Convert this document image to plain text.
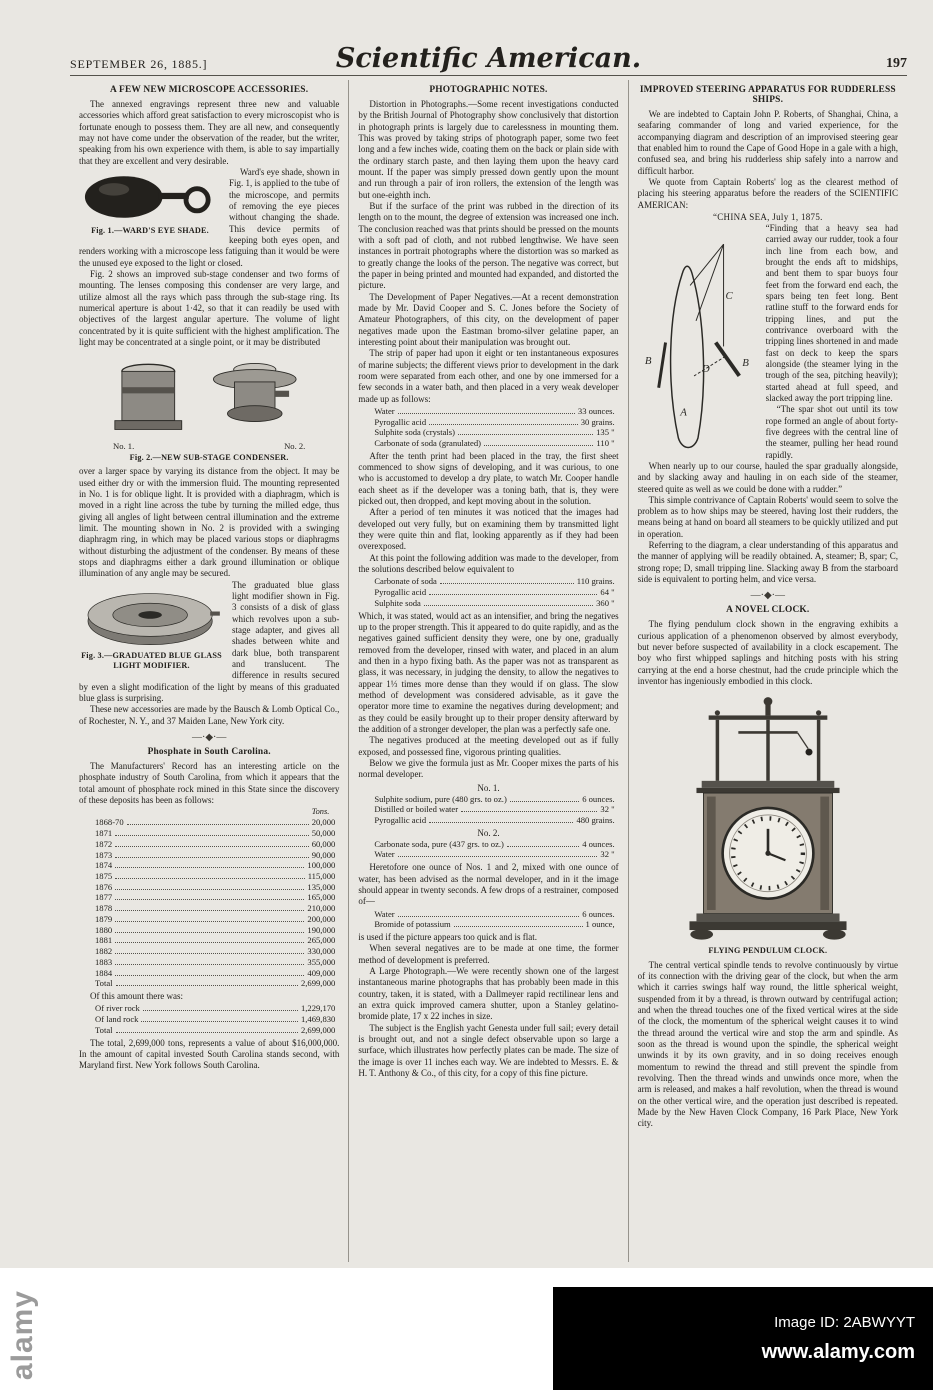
SEPTEMBER 26, 1885.]	Scientific American.	197
A FEW NEW MICROSCOPE ACCESSORIES.

The annexed engravings represent three new and valuable accessories which afford great satisfaction to every microscopist who is fortunate enough to possess them. They are all new, and consequently may not have come under the observation of the reader, but the writer, speaking from his own experience with them, is able to say impartially that they are excellent and very desirable.

Fig. 1.—WARD'S EYE SHADE.

Ward's eye shade, shown in Fig. 1, is applied to the tube of the microscope, and permits of removing the eye pieces without changing the shade. This device permits of keeping both eyes open, and renders working with a microscope less fatiguing than it would be were the unused eye exposed to the light or closed.

Fig. 2 shows an improved sub-stage condenser and two forms of mounting. The lenses composing this condenser are very large, and utilize almost all the rays which pass through the sub-stage ring. Its numerical aperture is about 1·42, so that it can readily be used with objectives of the largest angular aperture. The volume of light concentrated by it is quite sufficient with the highest amplification. The light may be concentrated at a single point, or it may be distributed

No. 1.	No. 2.
Fig. 2.—NEW SUB-STAGE CONDENSER.

over a larger space by varying its distance from the object. It may be used either dry or with the immersion fluid. The mounting represented in No. 1 is for oblique light. It is provided with a diaphragm, which is moved in a right line across the tube by turning the milled edge, thus giving all angles of light between central illumination and the extreme limit. The mounting shown in No. 2 is provided with a swinging diaphragm ring, in which may be placed various stops or diaphragms without disturbing the adjustment of the condenser. By means of these stops and diaphragms either a dark ground illumination or oblique illumination of any angle may be secured.

Fig. 3.—GRADUATED BLUE GLASS LIGHT MODIFIER.

The graduated blue glass light modifier shown in Fig. 3 consists of a disk of glass which revolves upon a sub-stage adapter, and gives all shades between white and dark blue, both transparent and translucent. The difference in results secured by even a slight modification of the light by means of this graduated blue glass is surprising.

These new accessories are made by the Bausch & Lomb Optical Co., of Rochester, N. Y., and 37 Maiden Lane, New York city.

—·◆·—
Phosphate in South Carolina.

The Manufacturers' Record has an interesting article on the phosphate industry of South Carolina, from which it appears that the total amount of phosphate rock mined in this State since the discovery of these deposits has been as follows:

Tons.
1868-70	20,000
1871	50,000
1872	60,000
1873	90,000
1874	100,000
1875	115,000
1876	135,000
1877	165,000
1878	210,000
1879	200,000
1880	190,000
1881	265,000
1882	330,000
1883	355,000
1884	409,000
Total	2,699,000

Of this amount there was:

Of river rock	1,229,170
Of land rock	1,469,830
Total	2,699,000

The total, 2,699,000 tons, represents a value of about $16,000,000. In the amount of capital invested South Carolina stands second, with Maryland first. New York follows South Carolina.

PHOTOGRAPHIC NOTES.

Distortion in Photographs.—Some recent investigations conducted by the British Journal of Photography show conclusively that distortion in photograph prints is largely due to carelessness in mounting them. This was proved by taking strips of photograph paper, some two feet long and a few inches wide, coating them on the back or plain side with the ordinary starch paste, and then laying them upon the heavy card mount. If the paper was simply pressed down gently upon the mount and run through a pair of iron rollers, the extension of the length was but one-eighth inch.

But if the surface of the print was rubbed in the direction of its length on to the mount, the degree of extension was increased one inch. The conclusion reached was that prints should be pressed on the mounts with a soft pad of cloth, and not rubbed lengthwise. We have seen instances in portrait photographs where the distortion was so marked as to greatly change the looks of the person. The negative was correct, but the paper in being printed and mounted had expanded, and distorted the picture.

The Development of Paper Negatives.—At a recent demonstration made by Mr. David Cooper and S. C. Jones before the Society of Amateur Photographers, of this city, on the development of paper negatives made upon the Eastman bromo-silver gelatine paper, an interesting point about their manipulation was brought out.

The strip of paper had upon it eight or ten instantaneous exposures of marine subjects; the different views prior to development in the dark room were separated from each other, and one by one immersed for a few seconds in a water bath, and then placed in a very weak developer made up as follows:

Water	33 ounces.
Pyrogallic acid	30 grains.
Sulphite soda (crystals)	135 "
Carbonate of soda (granulated)	110 "

After the tenth print had been placed in the tray, the first sheet commenced to show signs of developing, and it was curious, to one who is accustomed to develop a dry plate, to watch Mr. Cooper handle each sheet as if the developer was a toning bath, that is, they were picked out, then dropped, and kept moving about in the solution.

After a period of ten minutes it was noticed that the images had developed out very fully, but on examining them by transmitted light they were quite thin and flat, looking apparently as if they had been overexposed.

At this point the following addition was made to the developer, from the solutions described below equivalent to

Carbonate of soda	110 grains.
Pyrogallic acid	64 "
Sulphite soda	360 "

Which, it was stated, would act as an intensifier, and bring the negatives up to the proper strength. This it appeared to do quite rapidly, and as the negatives gained sufficient density they were, one by one, gradually removed from the developer, rinsed with water, and placed in an alum and then in a hypo fixing bath. As the paper was not as transparent as glass, it was necessary, in judging the density, to allow the negatives to appear 1⅓ times more dense than they would if on glass. The slow method of development was considered advisable, as it gave the operator more time to examine the negatives during development; and as they could be easily brought up to their proper density afterward by the addition of a stronger developer, the plan was a perfectly safe one.

The negatives produced at the meeting developed out as if fully exposed, and possessed fine, vigorous printing qualities.

Below we give the formula just as Mr. Cooper mixes the parts of his normal developer.

No. 1.
Sulphite sodium, pure (480 grs. to oz.)	6 ounces.
Distilled or boiled water	32 "
Pyrogallic acid	480 grains.
No. 2.
Carbonate soda, pure (437 grs. to oz.)	4 ounces.
Water	32 "

Heretofore one ounce of Nos. 1 and 2, mixed with one ounce of water, has been advised as the normal developer, and in it the image should appear in twenty seconds. A few drops of a restrainer, composed of—

Water	6 ounces.
Bromide of potassium	1 ounce,

is used if the picture appears too quick and is flat.

When several negatives are to be made at one time, the former method of development is preferred.

A Large Photograph.—We were recently shown one of the largest instantaneous marine photographs that has probably been made in this country, taken, it is stated, with a Dallmeyer rapid rectilinear lens and an extra quick improved camera shutter, upon a Stanley gelatino-bromide plate, 17 x 22 inches in size.

The subject is the English yacht Genesta under full sail; every detail is brought out, and not a single defect observable upon so large a surface, which illustrates how perfectly plates can be made. The size of the image is over 11 inches each way. We are indebted to Messrs. E. & H. T. Anthony & Co., of this city, for a copy of this fine picture.

IMPROVED STEERING APPARATUS FOR RUDDERLESS SHIPS.

We are indebted to Captain John P. Roberts, of Shanghai, China, a seafaring commander of long and varied experience, for the accompanying diagram and description of an improvised steering gear that enabled him to round the Cape of Good Hope in a gale with a high, confused sea, and bring his rudderless ship safely into a narrow and difficult harbor.

We quote from Captain Roberts' log as the clearest method of placing his steering apparatus before the readers of the SCIENTIFIC AMERICAN:

“CHINA SEA, July 1, 1875.
C
B
D
A
B

“Finding that a heavy sea had carried away our rudder, took a four inch line from each bow, and brought the ends aft to midships, and bent them to spar buoys four feet from the forward end each, the spars being ten feet long. Bent ratline stuff to the forward ends for tripping lines, and put the contrivance overboard with the tripping lines shortened in and made fast on deck to keep the spars alongside (the steamer lying in the trough of the sea, pitching heavily); started ahead at full speed, and slacked away the port tripping line.

“The spar shot out until its tow rope formed an angle of about forty-five degrees with the central line of the steamer, pulling her head round rapidly.

When nearly up to our course, hauled the spar gradually alongside, and by slacking away and hauling in on each side of the steamer, steered quite as well as we could be done with a rudder.”

This simple contrivance of Captain Roberts' would seem to solve the problem as to how ships may be steered, having lost their rudders, the means being at hand on board all steamers to be quickly utilized and put in operation.

Referring to the diagram, a clear understanding of this apparatus and the manner of applying will be readily obtained. A, steamer; B, spar; C, strong rope; D, small tripping line. Slacking away B from the starboard side is equivalent to porting helm, and vice versa.

—·◆·—
A NOVEL CLOCK.

The flying pendulum clock shown in the engraving exhibits a curious application of a phenomenon observed by almost everybody, but never before suspected of availability in a clock escapement. The boy who first whipped saplings and hitching posts with his string carrying at the end a horse chestnut, had the crude principle which the inventor has ingeniously embodied in this clock.

FLYING PENDULUM CLOCK.

The central vertical spindle tends to revolve continuously by virtue of its connection with the driving gear of the clock, but when the arm which it carries swings half way round, the little spherical weight, suspended from it by a thread, is thrown outward by centrifugal action; and when the thread touches one of the fixed vertical wires at the side of the clock, the momentum of the spherical weight causes it to wind the thread around the vertical wire and stop the arm and spindle. As soon as the thread is wound upon the spindle, the spherical weight unwinds it by its own gravity, and in so doing receives enough momentum to rewind the thread and still prevent the spindle from revolving. Then the thread winds and unwinds once more, when the arm is released, and makes a half revolution, when the thread is wound on the other vertical wire, and the operation just described is repeated. Made by the New Haven Clock Company, 16 Park Place, New York city.

alamy	Image ID: 2ABWYYT
www.alamy.com
